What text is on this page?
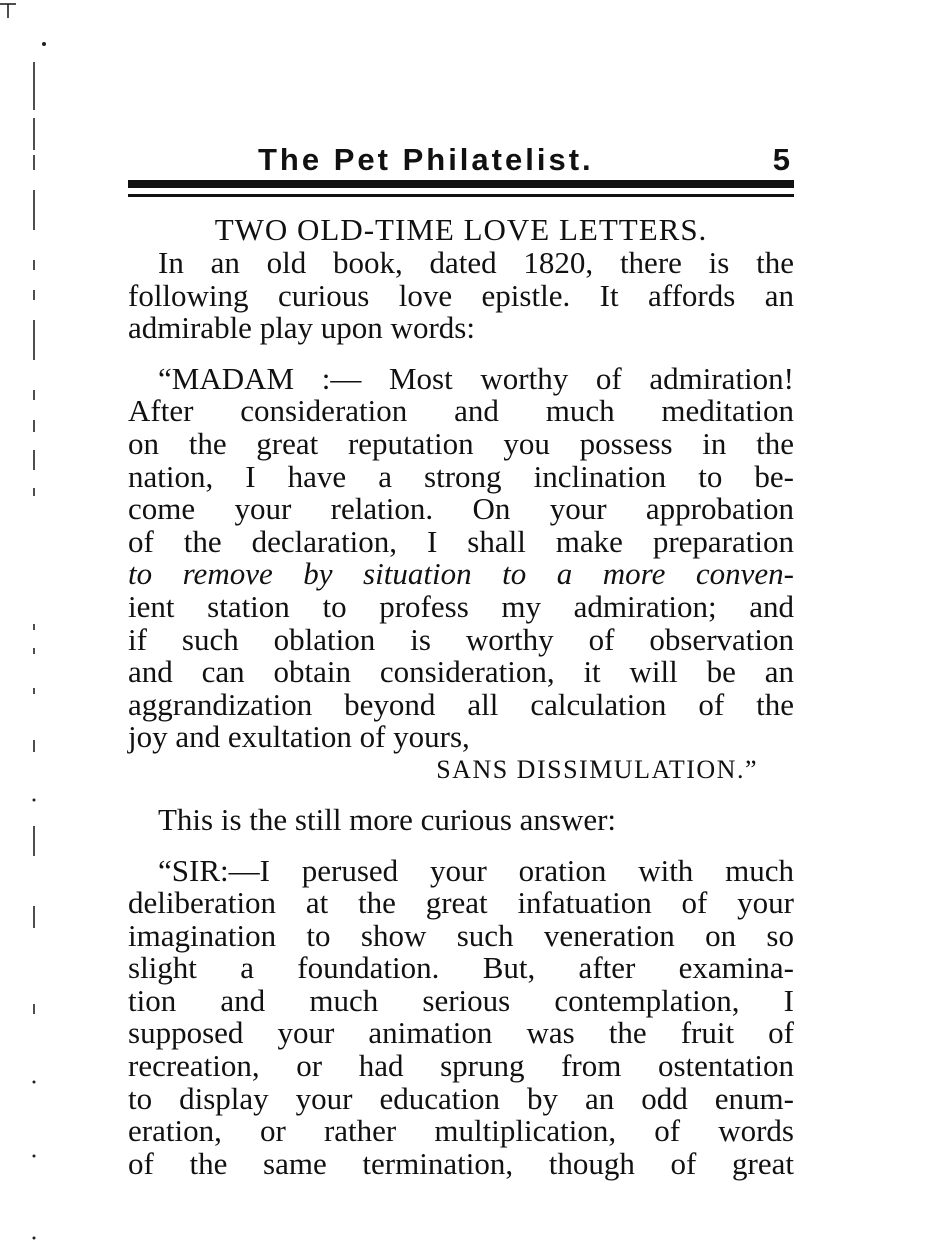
The Pet Philatelist.	5
TWO OLD-TIME LOVE LETTERS.
In an old book, dated 1820, there is the
following curious love epistle. It affords an
admirable play upon words:
“MADAM :— Most worthy of admiration!
After consideration and much meditation
on the great reputation you possess in the
nation, I have a strong inclination to be-
come your relation. On your approbation
of the declaration, I shall make preparation
to remove by situation to a more conven-
ient station to profess my admiration; and
if such oblation is worthy of observation
and can obtain consideration, it will be an
aggrandization beyond all calculation of the
joy and exultation of yours,
SANS DISSIMULATION.”
This is the still more curious answer:
“SIR:—I perused your oration with much
deliberation at the great infatuation of your
imagination to show such veneration on so
slight a foundation. But, after examina-
tion and much serious contemplation, I
supposed your animation was the fruit of
recreation, or had sprung from ostentation
to display your education by an odd enum-
eration, or rather multiplication, of words
of the same termination, though of great
